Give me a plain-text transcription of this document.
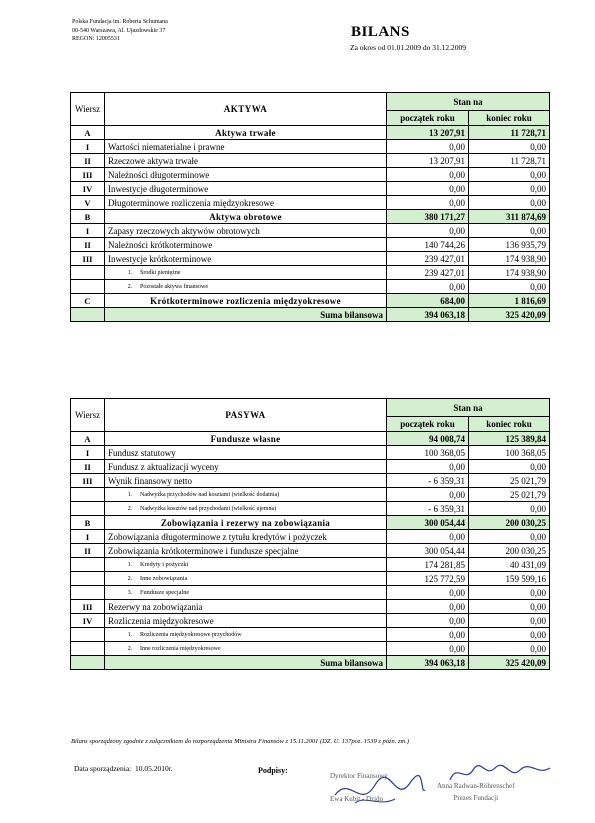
Polska Fundacja im. Roberta Schumana
00-540 Warszawa, Al. Ujazdowskie 37
REGON: 12005531	BILANS
Za okres od 01.01.2009 do 31.12.2009
Wiersz	AKTYWA	Stan na	
		początek roku	koniec roku
A	Aktywa trwałe	13 207,91	11 728,71
I	Wartości niematerialne i prawne	0,00	0,00
II	Rzeczowe aktywa trwałe	13 207,91	11 728,71
III	Należności długoterminowe	0,00	0,00
IV	Inwestycje długoterminowe	0,00	0,00
V	Długoterminowe rozliczenia międzyokresowe	0,00	0,00
B	Aktywa obrotowe	380 171,27	311 874,69
I	Zapasy rzeczowych aktywów obrotowych	0,00	0,00
II	Należności krótkoterminowe	140 744,26	136 935,79
III	Inwestycje krótkoterminowe	239 427,01	174 938,90
	1. Środki pieniężne	239 427,01	174 938,90
	2. Pozostałe aktywa finansowe	0,00	0,00
C	Krótkoterminowe rozliczenia międzyokresowe	684,00	1 816,69
	Suma bilansowa	394 063,18	325 420,09
Wiersz	PASYWA	Stan na	
		początek roku	koniec roku
A	Fundusze własne	94 008,74	125 389,84
I	Fundusz statutowy	100 368,05	100 368,05
II	Fundusz z aktualizacji wyceny	0,00	0,00
III	Wynik finansowy netto	- 6 359,31	25 021,79
	1. Nadwyżka przychodów nad kosztami (wielkość dodatnia)	0,00	25 021,79
	2. Nadwyżka kosztów nad przychodami (wielkość ujemna)	- 6 359,31	0,00
B	Zobowiązania i rezerwy na zobowiązania	300 054,44	200 030,25
I	Zobowiązania długoterminowe z tytułu kredytów i pożyczek	0,00	0,00
II	Zobowiązania krótkoterminowe i fundusze specjalne	300 054,44	200 030,25
	1. Kredyty i pożyczki	174 281,85	40 431,09
	2. Inne zobowiązania	125 772,59	159 599,16
	3. Fundusze specjalne	0,00	0,00
III	Rezerwy na zobowiązania	0,00	0,00
IV	Rozliczenia międzyokresowe	0,00	0,00
	1. Rozliczenia międzyokresowe przychodów	0,00	0,00
	2. Inne rozliczenia międzyokresowe	0,00	0,00
	Suma bilansowa	394 063,18	325 420,09
Bilans sporządzony zgodnie z załącznikiem do rozporządzenia Ministra Finansów z 15.11.2001 (DZ. U. 137poz. 1539 z późn. zm.)
Data sporządzenia: 10.05.2010r.	Podpisy:
Dyrektor Finansowy
Ewa Kubit - Dzido
Anna Radwan-Röhrenschef
Prezes Fundacji
